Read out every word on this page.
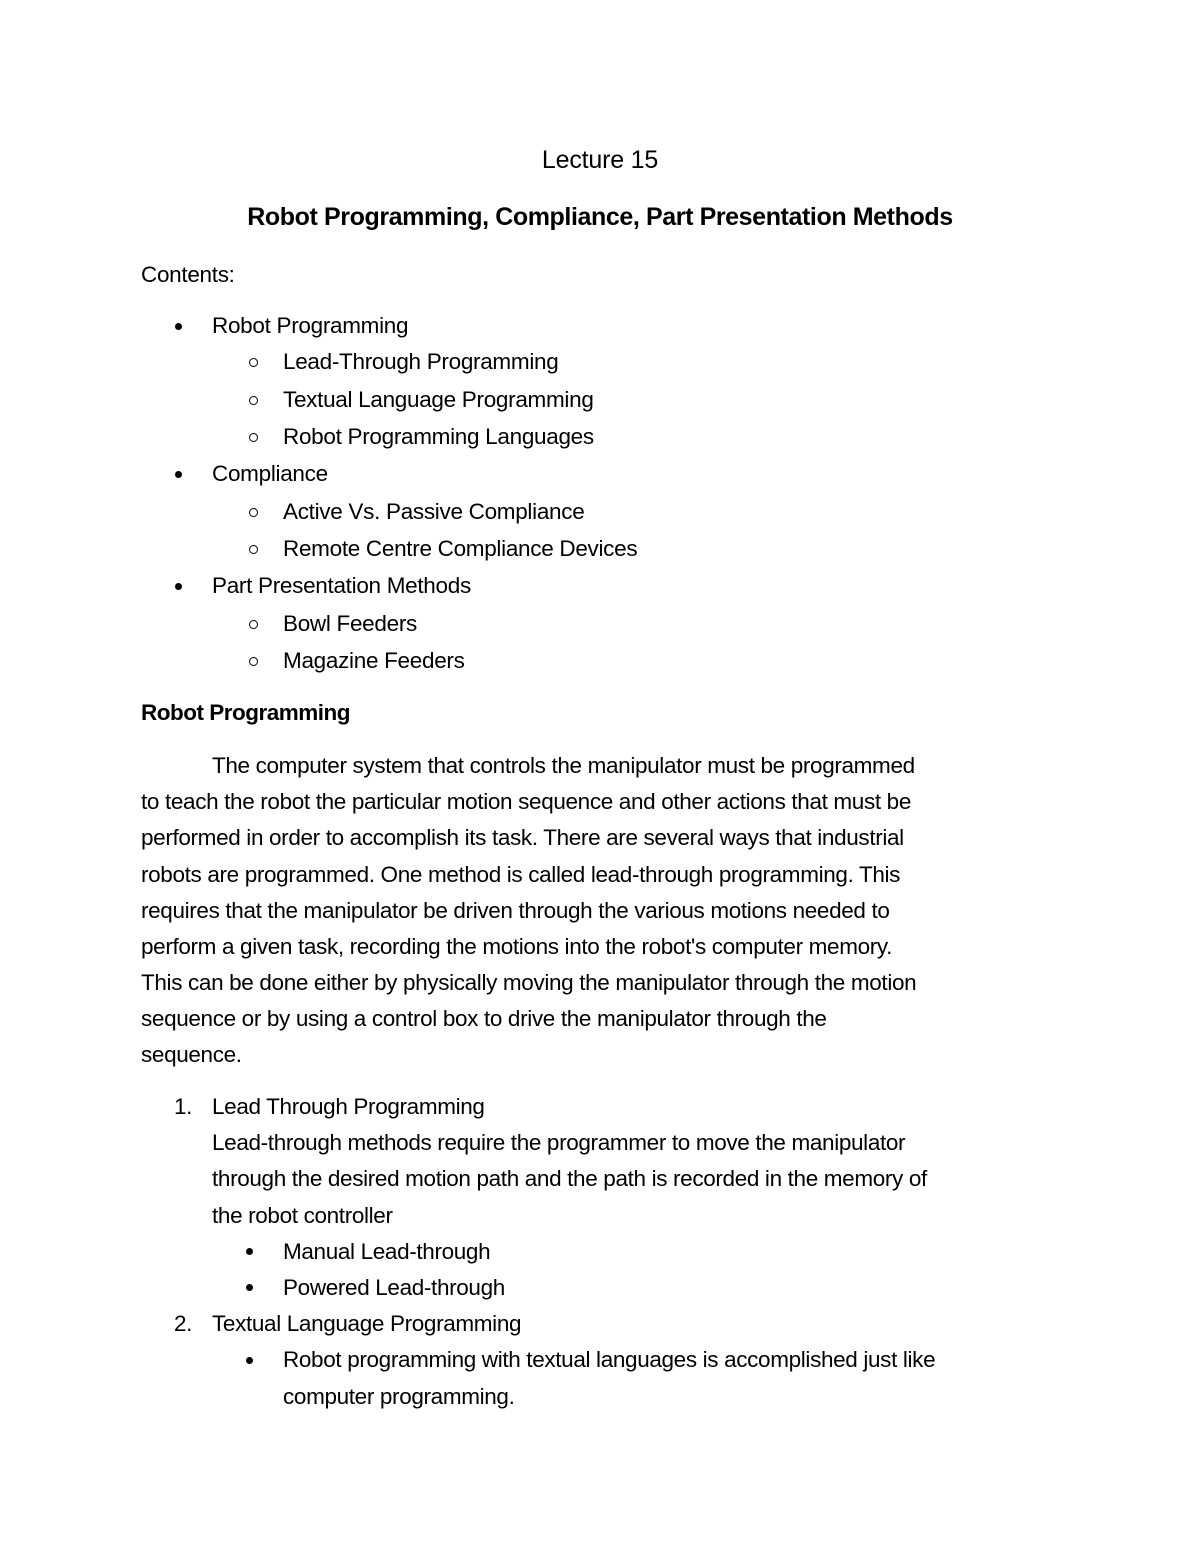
Lecture 15
Robot Programming, Compliance, Part Presentation Methods
Contents:
Robot Programming
Lead-Through Programming
Textual Language Programming
Robot Programming Languages
Compliance
Active Vs. Passive Compliance
Remote Centre Compliance Devices
Part Presentation Methods
Bowl Feeders
Magazine Feeders
Robot Programming
The computer system that controls the manipulator must be programmed
to teach the robot the particular motion sequence and other actions that must be
performed in order to accomplish its task. There are several ways that industrial
robots are programmed. One method is called lead-through programming. This
requires that the manipulator be driven through the various motions needed to
perform a given task, recording the motions into the robot's computer memory.
This can be done either by physically moving the manipulator through the motion
sequence or by using a control box to drive the manipulator through the
sequence.
1. Lead Through Programming
Lead-through methods require the programmer to move the manipulator
through the desired motion path and the path is recorded in the memory of
the robot controller
Manual Lead-through
Powered Lead-through
2. Textual Language Programming
Robot programming with textual languages is accomplished just like
computer programming.
